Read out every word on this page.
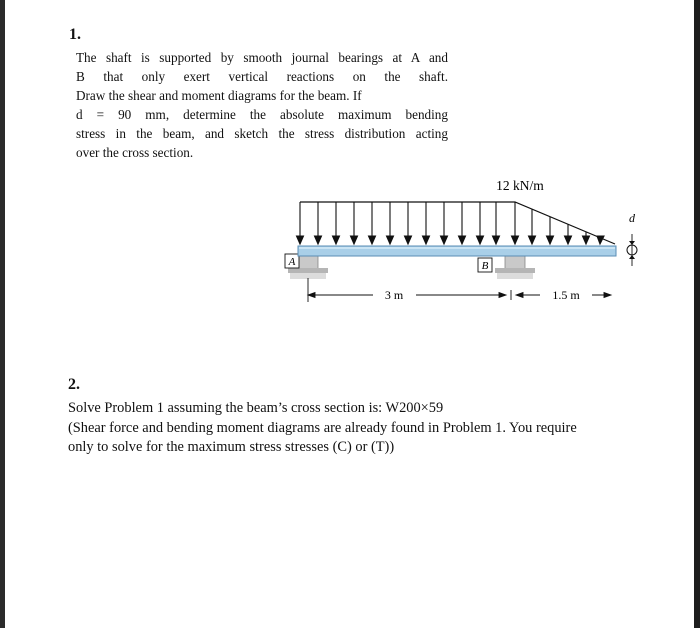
1.
The shaft is supported by smooth journal bearings at A and
B that only exert vertical reactions on the shaft.
Draw the shear and moment diagrams for the beam. If
d = 90 mm, determine the absolute maximum bending
stress in the beam, and sketch the stress distribution acting
over the cross section.
12 kN/m
A	B
d
3 m	1.5 m
2.
Solve Problem 1 assuming the beam’s cross section is: W200×59
(Shear force and bending moment diagrams are already found in Problem 1. You require
only to solve for the maximum stress stresses (C) or (T))
